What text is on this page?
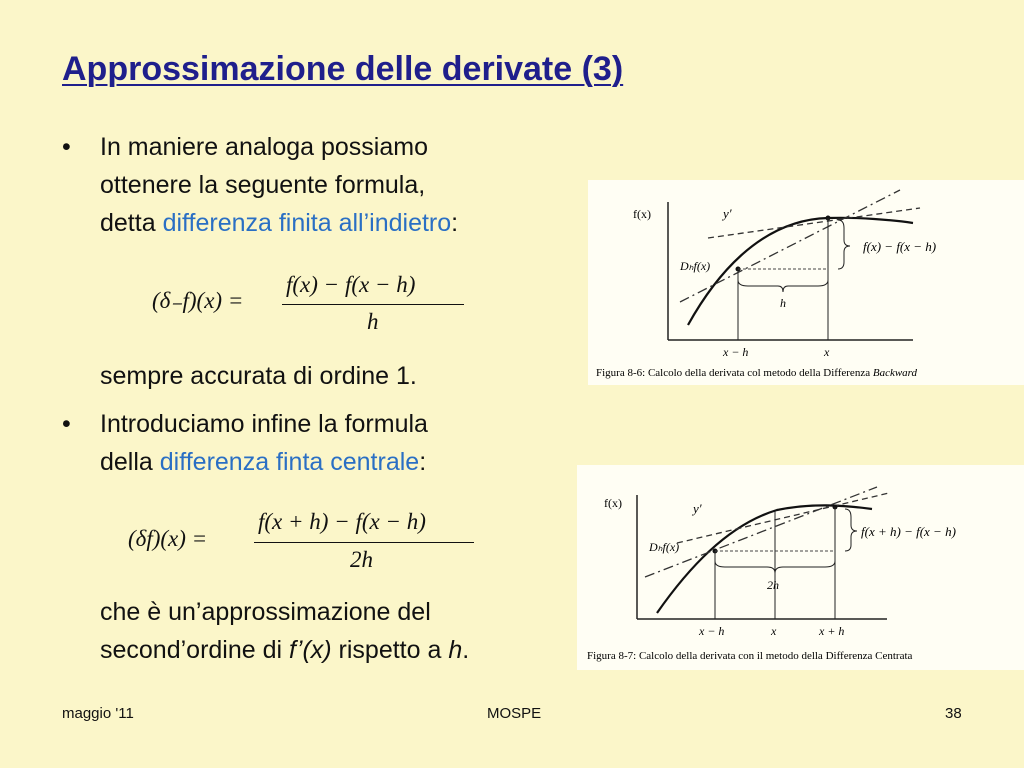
Approssimazione delle derivate (3)
• In maniere analoga possiamo
ottenere la seguente formula,
detta differenza finita all’indietro:
(δ₋f)(x) =
f(x) − f(x − h)
h
sempre accurata di ordine 1.
• Introduciamo infine la formula
della differenza finta centrale:
(δf)(x) =
f(x + h) − f(x − h)
2h
che è un’approssimazione del
second’ordine di f’(x) rispetto a h.
f(x)	y′
h
f(x) − f(x − h)
Dₕf(x)
x − h	x
Figura 8-6: Calcolo della derivata col metodo della Differenza Backward
f(x)	y′
2h
f(x + h) − f(x − h)
Dₕf(x)
x − h	x	x + h
Figura 8-7: Calcolo della derivata con il metodo della Differenza Centrata
maggio '11	MOSPE	38
